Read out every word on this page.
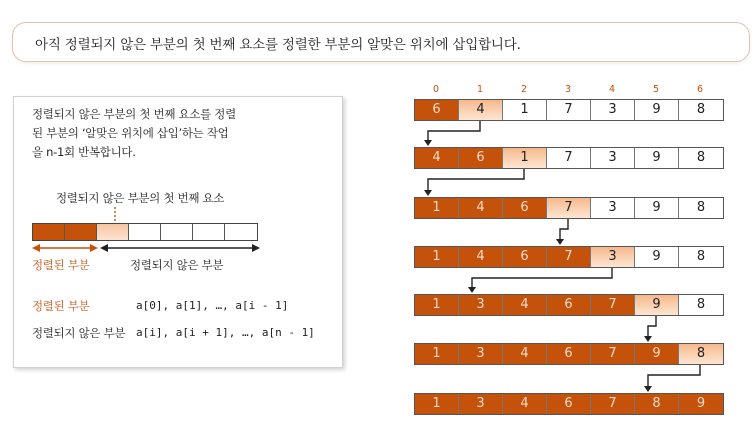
아직 정렬되지 않은 부분의 첫 번째 요소를 정렬한 부분의 알맞은 위치에 삽입합니다.
정렬되지 않은 부분의 첫 번째 요소를 정렬
된 부분의 ‘알맞은 위치에 삽입’하는 작업
을 n-1회 반복합니다.
정렬되지 않은 부분의 첫 번째 요소
정렬된 부분	정렬되지 않은 부분
정렬된 부분	a[0], a[1], …, a[i - 1]
정렬되지 않은 부분 a[i], a[i + 1], …, a[n - 1]
0	1	2	3	4	5	6
6	4	1	7	3	9	8
4	6	1	7	3	9	8
1	4	6	7	3	9	8
1	4	6	7	3	9	8
1	3	4	6	7	9	8
1	3	4	6	7	9	8
1	3	4	6	7	8	9
